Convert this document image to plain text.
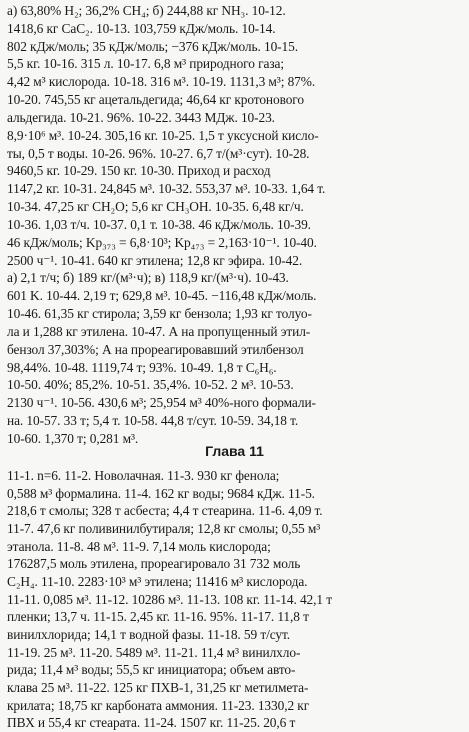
а) 63,80% H₂; 36,2% CH₄; б) 244,88 кг NH₃. 10-12.

1418,6 кг CaC₂. 10-13. 103,759 кДж/моль. 10-14.

802 кДж/моль; 35 кДж/моль; −376 кДж/моль. 10-15.

5,5 кг. 10-16. 315 л. 10-17. 6,8 м³ природного газа;

4,42 м³ кислорода. 10-18. 316 м³. 10-19. 1131,3 м³; 87%.

10-20. 745,55 кг ацетальдегида; 46,64 кг кротонового

альдегида. 10-21. 96%. 10-22. 3443 МДж. 10-23.

8,9·10⁶ м³. 10-24. 305,16 кг. 10-25. 1,5 т уксусной кисло-

ты, 0,5 т воды. 10-26. 96%. 10-27. 6,7 т/(м³·сут). 10-28.

9460,5 кг. 10-29. 150 кг. 10-30. Приход и расход

1147,2 кг. 10-31. 24,845 м³. 10-32. 553,37 м³. 10-33. 1,64 т.

10-34. 47,25 кг CH₂O; 5,6 кг CH₃OH. 10-35. 6,48 кг/ч.

10-36. 1,03 т/ч. 10-37. 0,1 т. 10-38. 46 кДж/моль. 10-39.

46 кДж/моль; Kp₃₇₃ = 6,8·10³; Kp₄₇₃ = 2,163·10⁻¹. 10-40.

2500 ч⁻¹. 10-41. 640 кг этилена; 12,8 кг эфира. 10-42.

а) 2,1 т/ч; б) 189 кг/(м³·ч); в) 118,9 кг/(м³·ч). 10-43.

601 K. 10-44. 2,19 т; 629,8 м³. 10-45. −116,48 кДж/моль.

10-46. 61,35 кг стирола; 3,59 кг бензола; 1,93 кг толуо-

ла и 1,288 кг этилена. 10-47. А на пропущенный этил-

бензол 37,303%; А на прореагировавший этилбензол

98,44%. 10-48. 1119,74 т; 93%. 10-49. 1,8 т C₆H₆.

10-50. 40%; 85,2%. 10-51. 35,4%. 10-52. 2 м³. 10-53.

2130 ч⁻¹. 10-56. 430,6 м³; 25,954 м³ 40%-ного формали-

на. 10-57. 33 т; 5,4 т. 10-58. 44,8 т/сут. 10-59. 34,18 т.

10-60. 1,370 т; 0,281 м³.

Глава 11

11-1. n=6. 11-2. Новолачная. 11-3. 930 кг фенола;

0,588 м³ формалина. 11-4. 162 кг воды; 9684 кДж. 11-5.

218,6 т смолы; 328 т асбеста; 4,4 т стеарина. 11-6. 4,09 т.

11-7. 47,6 кг поливинилбутираля; 12,8 кг смолы; 0,55 м³

этанола. 11-8. 48 м³. 11-9. 7,14 моль кислорода;

176287,5 моль этилена, прореагировало 31 732 моль

C₂H₄. 11-10. 2283·10³ м³ этилена; 11416 м³ кислорода.

11-11. 0,085 м³. 11-12. 10286 м³. 11-13. 108 кг. 11-14. 42,1 т

пленки; 13,7 ч. 11-15. 2,45 кг. 11-16. 95%. 11-17. 11,8 т

винилхлорида; 14,1 т водной фазы. 11-18. 59 т/сут.

11-19. 25 м³. 11-20. 5489 м³. 11-21. 11,4 м³ винилхло-

рида; 11,4 м³ воды; 55,5 кг инициатора; объем авто-

клава 25 м³. 11-22. 125 кг ПХВ-1, 31,25 кг метилмета-

крилата; 18,75 кг карбоната аммония. 11-23. 1330,2 кг

ПВХ и 55,4 кг стеарата. 11-24. 1507 кг. 11-25. 20,6 т
